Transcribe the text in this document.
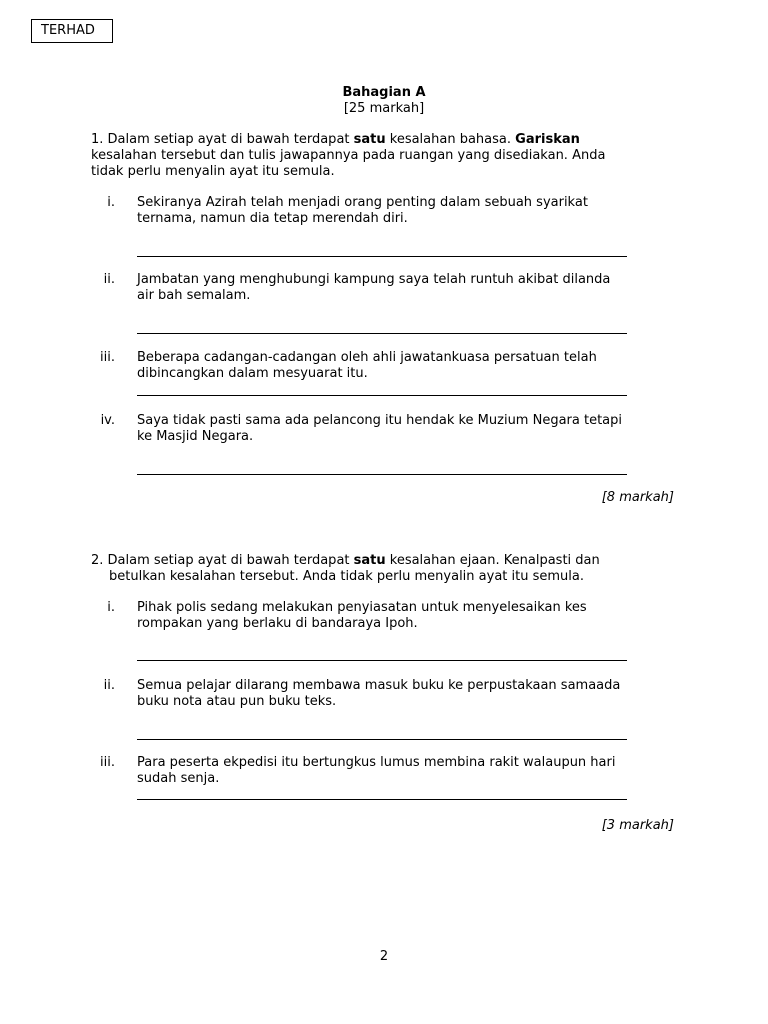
TERHAD
Bahagian A
[25 markah]
1. Dalam setiap ayat di bawah terdapat satu kesalahan bahasa. Gariskan
kesalahan tersebut dan tulis jawapannya pada ruangan yang disediakan. Anda
tidak perlu menyalin ayat itu semula.
i. Sekiranya Azirah telah menjadi orang penting dalam sebuah syarikat
ternama, namun dia tetap merendah diri.
ii. Jambatan yang menghubungi kampung saya telah runtuh akibat dilanda
air bah semalam.
iii. Beberapa cadangan-cadangan oleh ahli jawatankuasa persatuan telah
dibincangkan dalam mesyuarat itu.
iv. Saya tidak pasti sama ada pelancong itu hendak ke Muzium Negara tetapi
ke Masjid Negara.
[8 markah]
2. Dalam setiap ayat di bawah terdapat satu kesalahan ejaan. Kenalpasti dan
betulkan kesalahan tersebut. Anda tidak perlu menyalin ayat itu semula.
i. Pihak polis sedang melakukan penyiasatan untuk menyelesaikan kes
rompakan yang berlaku di bandaraya Ipoh.
ii. Semua pelajar dilarang membawa masuk buku ke perpustakaan samaada
buku nota atau pun buku teks.
iii. Para peserta ekpedisi itu bertungkus lumus membina rakit walaupun hari
sudah senja.
[3 markah]
2
